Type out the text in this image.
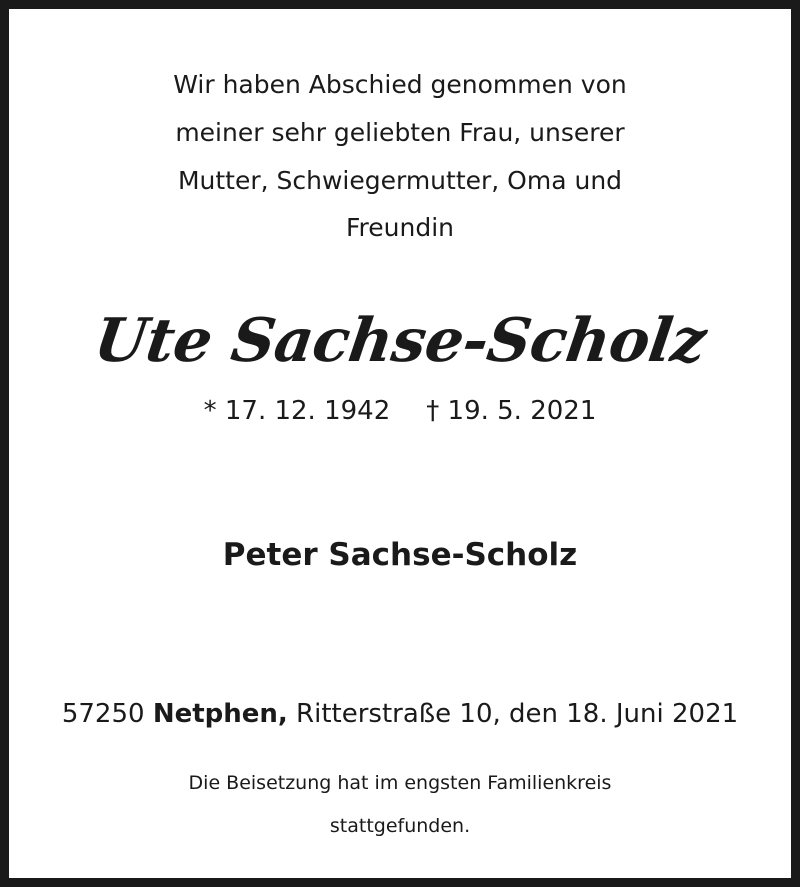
Wir haben Abschied genommen von
meiner sehr geliebten Frau, unserer
Mutter, Schwiegermutter, Oma und
Freundin
Ute Sachse-Scholz
* 17. 12. 1942 † 19. 5. 2021
Peter Sachse-Scholz
57250 Netphen, Ritterstraße 10, den 18. Juni 2021
Die Beisetzung hat im engsten Familienkreis
stattgefunden.
